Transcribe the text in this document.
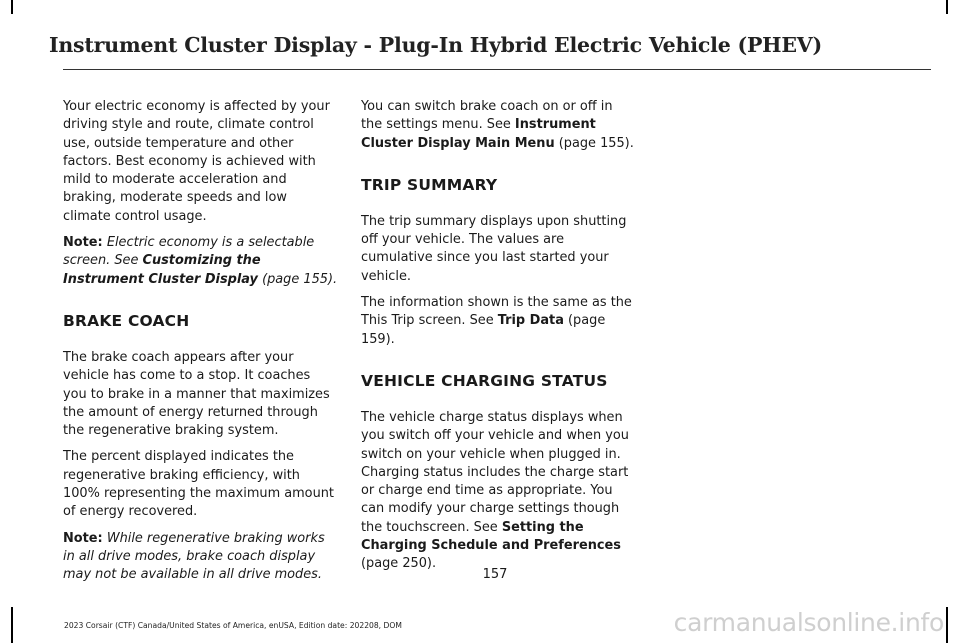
Instrument Cluster Display - Plug-In Hybrid Electric Vehicle (PHEV)

Your electric economy is affected by your driving style and route, climate control use, outside temperature and other factors. Best economy is achieved with mild to moderate acceleration and braking, moderate speeds and low climate control usage.

Note: Electric economy is a selectable screen. See Customizing the Instrument Cluster Display (page 155).

BRAKE COACH

The brake coach appears after your vehicle has come to a stop. It coaches you to brake in a manner that maximizes the amount of energy returned through the regenerative braking system.

The percent displayed indicates the regenerative braking efficiency, with 100% representing the maximum amount of energy recovered.

Note: While regenerative braking works in all drive modes, brake coach display may not be available in all drive modes.

You can switch brake coach on or off in the settings menu. See Instrument Cluster Display Main Menu (page 155).

TRIP SUMMARY

The trip summary displays upon shutting off your vehicle. The values are cumulative since you last started your vehicle.

The information shown is the same as the This Trip screen. See Trip Data (page 159).

VEHICLE CHARGING STATUS

The vehicle charge status displays when you switch off your vehicle and when you switch on your vehicle when plugged in. Charging status includes the charge start or charge end time as appropriate. You can modify your charge settings though the touchscreen. See Setting the Charging Schedule and Preferences (page 250).

157
2023 Corsair (CTF) Canada/United States of America, enUSA, Edition date: 202208, DOM	carmanualsonline.info
